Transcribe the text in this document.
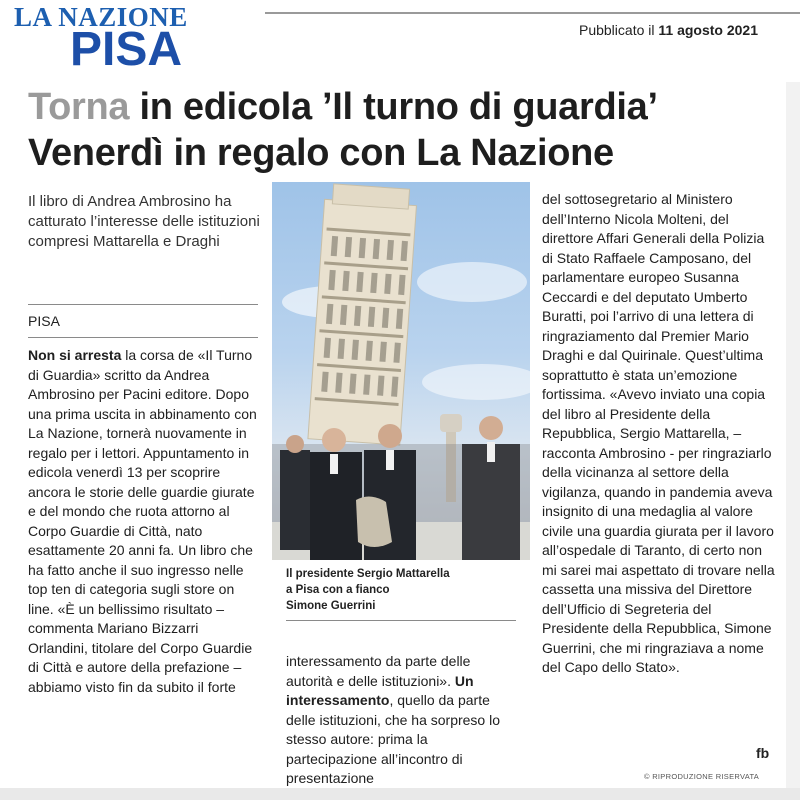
LA NAZIONE
PISA	Pubblicato il 11 agosto 2021
Torna in edicola ’Il turno di guardia’
Venerdì in regalo con La Nazione
Il libro di Andrea Ambrosino ha catturato l’interesse delle istituzioni compresi Mattarella e Draghi
PISA

Non si arresta la corsa de «Il Turno di Guardia» scritto da Andrea Ambrosino per Pacini editore. Dopo una prima uscita in abbinamento con La Nazione, tornerà nuovamente in regalo per i lettori. Appuntamento in edicola venerdì 13 per scoprire ancora le storie delle guardie giurate e del mondo che ruota attorno al Corpo Guardie di Città, nato esattamente 20 anni fa. Un libro che ha fatto anche il suo ingresso nelle top ten di categoria sugli store on line. «È un bellissimo risultato – commenta Mariano Bizzarri Orlandini, titolare del Corpo Guardie di Città e autore della prefazione – abbiamo visto fin da subito il forte

Il presidente Sergio Mattarella
a Pisa con a fianco
Simone Guerrini

interessamento da parte delle autorità e delle istituzioni». Un interessamento, quello da parte delle istituzioni, che ha sorpreso lo stesso autore: prima la partecipazione all’incontro di presentazione

del sottosegretario al Ministero dell’Interno Nicola Molteni, del direttore Affari Generali della Polizia di Stato Raffaele Camposano, del parlamentare europeo Susanna Ceccardi e del deputato Umberto Buratti, poi l’arrivo di una lettera di ringraziamento dal Premier Mario Draghi e dal Quirinale. Quest’ultima soprattutto è stata un’emozione fortissima. «Avevo inviato una copia del libro al Presidente della Repubblica, Sergio Mattarella, – racconta Ambrosino - per ringraziarlo della vicinanza al settore della vigilanza, quando in pandemia aveva insignito di una medaglia al valore civile una guardia giurata per il lavoro all’ospedale di Taranto, di certo non mi sarei mai aspettato di trovare nella cassetta una missiva del Direttore dell’Ufficio di Segreteria del Presidente della Repubblica, Simone Guerrini, che mi ringraziava a nome del Capo dello Stato».

fb
© RIPRODUZIONE RISERVATA
